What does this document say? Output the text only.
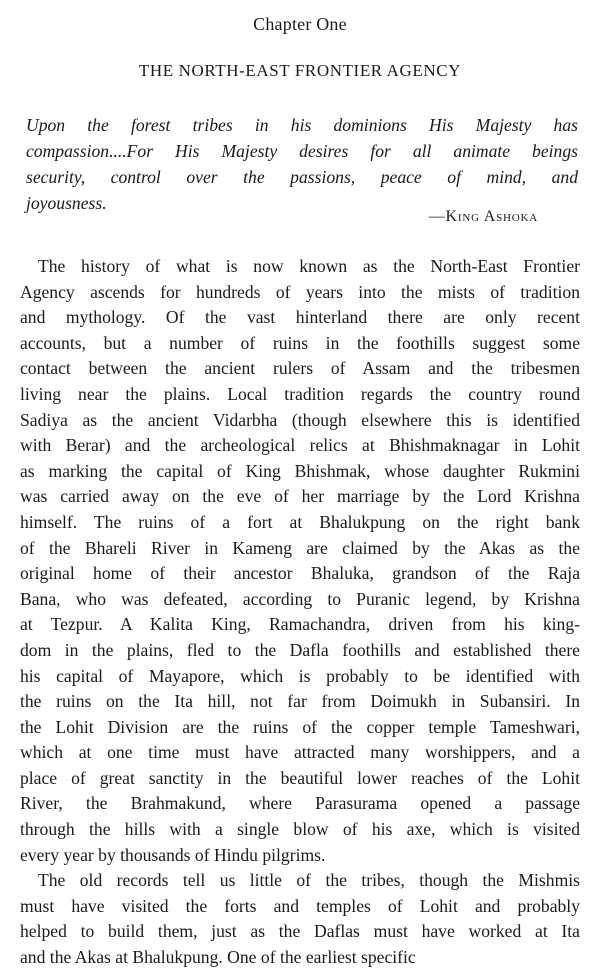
Chapter One
THE NORTH-EAST FRONTIER AGENCY
Upon the forest tribes in his dominions His Majesty has
compassion....For His Majesty desires for all animate beings
security, control over the passions, peace of mind, and
joyousness.
—King Ashoka
The history of what is now known as the North-East Frontier
Agency ascends for hundreds of years into the mists of tradition
and mythology. Of the vast hinterland there are only recent
accounts, but a number of ruins in the foothills suggest some
contact between the ancient rulers of Assam and the tribesmen
living near the plains. Local tradition regards the country round
Sadiya as the ancient Vidarbha (though elsewhere this is identified
with Berar) and the archeological relics at Bhishmaknagar in Lohit
as marking the capital of King Bhishmak, whose daughter Rukmini
was carried away on the eve of her marriage by the Lord Krishna
himself. The ruins of a fort at Bhalukpung on the right bank
of the Bhareli River in Kameng are claimed by the Akas as the
original home of their ancestor Bhaluka, grandson of the Raja
Bana, who was defeated, according to Puranic legend, by Krishna
at Tezpur. A Kalita King, Ramachandra, driven from his king-
dom in the plains, fled to the Dafla foothills and established there
his capital of Mayapore, which is probably to be identified with
the ruins on the Ita hill, not far from Doimukh in Subansiri. In
the Lohit Division are the ruins of the copper temple Tameshwari,
which at one time must have attracted many worshippers, and a
place of great sanctity in the beautiful lower reaches of the Lohit
River, the Brahmakund, where Parasurama opened a passage
through the hills with a single blow of his axe, which is visited
every year by thousands of Hindu pilgrims.
The old records tell us little of the tribes, though the Mishmis
must have visited the forts and temples of Lohit and probably
helped to build them, just as the Daflas must have worked at Ita
and the Akas at Bhalukpung. One of the earliest specific
